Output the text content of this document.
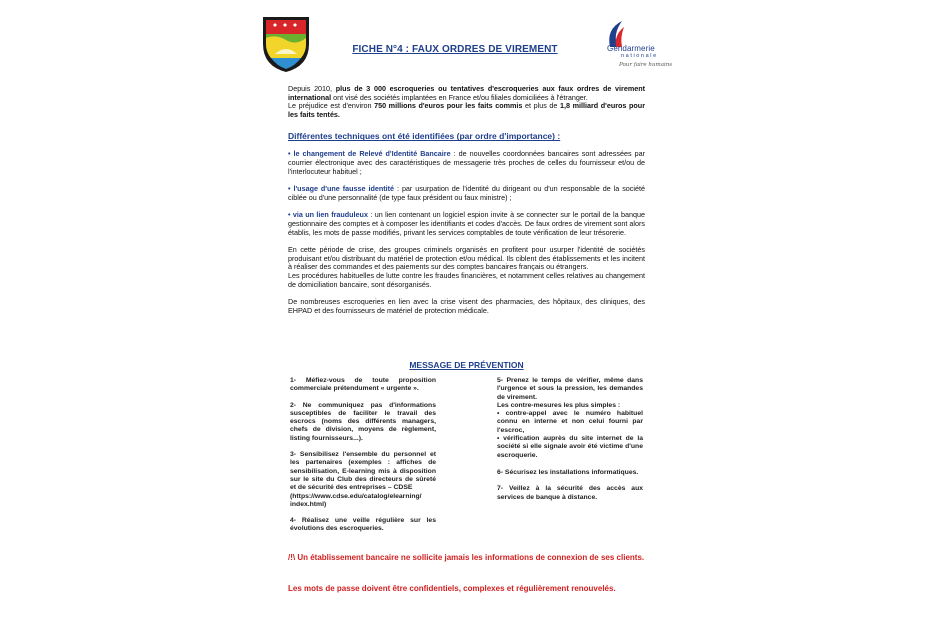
FICHE N°4 : FAUX ORDRES DE VIREMENT	Gendarmerie
nationale
Pour faire humains

Depuis 2010, plus de 3 000 escroqueries ou tentatives d'escroqueries aux faux ordres de virement international ont visé des sociétés implantées en France et/ou filiales domiciliées à l'étranger.
Le préjudice est d'environ 750 millions d'euros pour les faits commis et plus de 1,8 milliard d'euros pour les faits tentés.

Différentes techniques ont été identifiées (par ordre d'importance) :

• le changement de Relevé d'Identité Bancaire : de nouvelles coordonnées bancaires sont adressées par courrier électronique avec des caractéristiques de messagerie très proches de celles du fournisseur et/ou de l'interlocuteur habituel ;

• l'usage d'une fausse identité : par usurpation de l'identité du dirigeant ou d'un responsable de la société ciblée ou d'une personnalité (de type faux président ou faux ministre) ;

• via un lien frauduleux : un lien contenant un logiciel espion invite à se connecter sur le portail de la banque gestionnaire des comptes et à composer les identifiants et codes d'accès. De faux ordres de virement sont alors établis, les mots de passe modifiés, privant les services comptables de toute vérification de leur trésorerie.

En cette période de crise, des groupes criminels organisés en profitent pour usurper l'identité de sociétés produisant et/ou distribuant du matériel de protection et/ou médical. Ils ciblent des établissements et les incitent à réaliser des commandes et des paiements sur des comptes bancaires français ou étrangers.
Les procédures habituelles de lutte contre les fraudes financières, et notamment celles relatives au changement de domiciliation bancaire, sont désorganisés.

De nombreuses escroqueries en lien avec la crise visent des pharmacies, des hôpitaux, des cliniques, des EHPAD et des fournisseurs de matériel de protection médicale.

MESSAGE DE PRÉVENTION
1- Méfiez-vous de toute proposition commerciale prétendument « urgente ».
2- Ne communiquez pas d'informations susceptibles de faciliter le travail des escrocs (noms des différents managers, chefs de division, moyens de règlement, listing fournisseurs...).
3- Sensibilisez l'ensemble du personnel et les partenaires (exemples : affiches de sensibilisation, E-learning mis à disposition sur le site du Club des directeurs de sûreté et de sécurité des entreprises – CDSE
(https://www.cdse.edu/catalog/elearning/
index.html)
4- Réalisez une veille régulière sur les évolutions des escroqueries.
5- Prenez le temps de vérifier, même dans l'urgence et sous la pression, les demandes de virement.
Les contre-mesures les plus simples :
• contre-appel avec le numéro habituel connu en interne et non celui fourni par l'escroc,
• vérification auprès du site internet de la société si elle signale avoir été victime d'une escroquerie.
6- Sécurisez les installations informatiques.
7- Veillez à la sécurité des accès aux services de banque à distance.
/!\ Un établissement bancaire ne sollicite jamais les informations de connexion de ses clients.
Les mots de passe doivent être confidentiels, complexes et régulièrement renouvelés.
